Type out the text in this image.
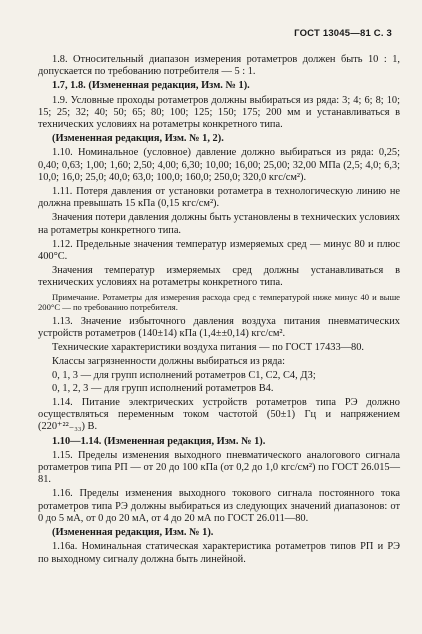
ГОСТ 13045—81 С. 3

1.8. Относительный диапазон измерения ротаметров должен быть 10 : 1, допускается по требованию потребителя — 5 : 1.

1.7, 1.8. (Измененная редакция, Изм. № 1).

1.9. Условные проходы ротаметров должны выбираться из ряда: 3; 4; 6; 8; 10; 15; 25; 32; 40; 50; 65; 80; 100; 125; 150; 175; 200 мм и устанавливаться в технических условиях на ротаметры конкретного типа.

(Измененная редакция, Изм. № 1, 2).

1.10. Номинальное (условное) давление должно выбираться из ряда: 0,25; 0,40; 0,63; 1,00; 1,60; 2,50; 4,00; 6,30; 10,00; 16,00; 25,00; 32,00 МПа (2,5; 4,0; 6,3; 10,0; 16,0; 25,0; 40,0; 63,0; 100,0; 160,0; 250,0; 320,0 кгс/см²).

1.11. Потеря давления от установки ротаметра в технологическую линию не должна превышать 15 кПа (0,15 кгс/см²).

Значения потери давления должны быть установлены в технических условиях на ротаметры конкретного типа.

1.12. Предельные значения температур измеряемых сред — минус 80 и плюс 400°С.

Значения температур измеряемых сред должны устанавливаться в технических условиях на ротаметры конкретного типа.

Примечание. Ротаметры для измерения расхода сред с температурой ниже минус 40 и выше 200°С — по требованию потребителя.

1.13. Значение избыточного давления воздуха питания пневматических устройств ротаметров (140±14) кПа (1,4±±0,14) кгс/см².

Технические характеристики воздуха питания — по ГОСТ 17433—80.

Классы загрязненности должны выбираться из ряда:

0, 1, 3 — для групп исполнений ротаметров С1, С2, С4, ДЗ;

0, 1, 2, 3 — для групп исполнений ротаметров В4.

1.14. Питание электрических устройств ротаметров типа РЭ должно осуществляться переменным током частотой (50±1) Гц и напряжением (220⁺²²₋₃₃) В.

1.10—1.14. (Измененная редакция, Изм. № 1).

1.15. Пределы изменения выходного пневматического аналогового сигнала ротаметров типа РП — от 20 до 100 кПа (от 0,2 до 1,0 кгс/см²) по ГОСТ 26.015—81.

1.16. Пределы изменения выходного токового сигнала постоянного тока ротаметров типа РЭ должны выбираться из следующих значений диапазонов: от 0 до 5 мА, от 0 до 20 мА, от 4 до 20 мА по ГОСТ 26.011—80.

(Измененная редакция, Изм. № 1).

1.16а. Номинальная статическая характеристика ротаметров типов РП и РЭ по выходному сигналу должна быть линейной.
